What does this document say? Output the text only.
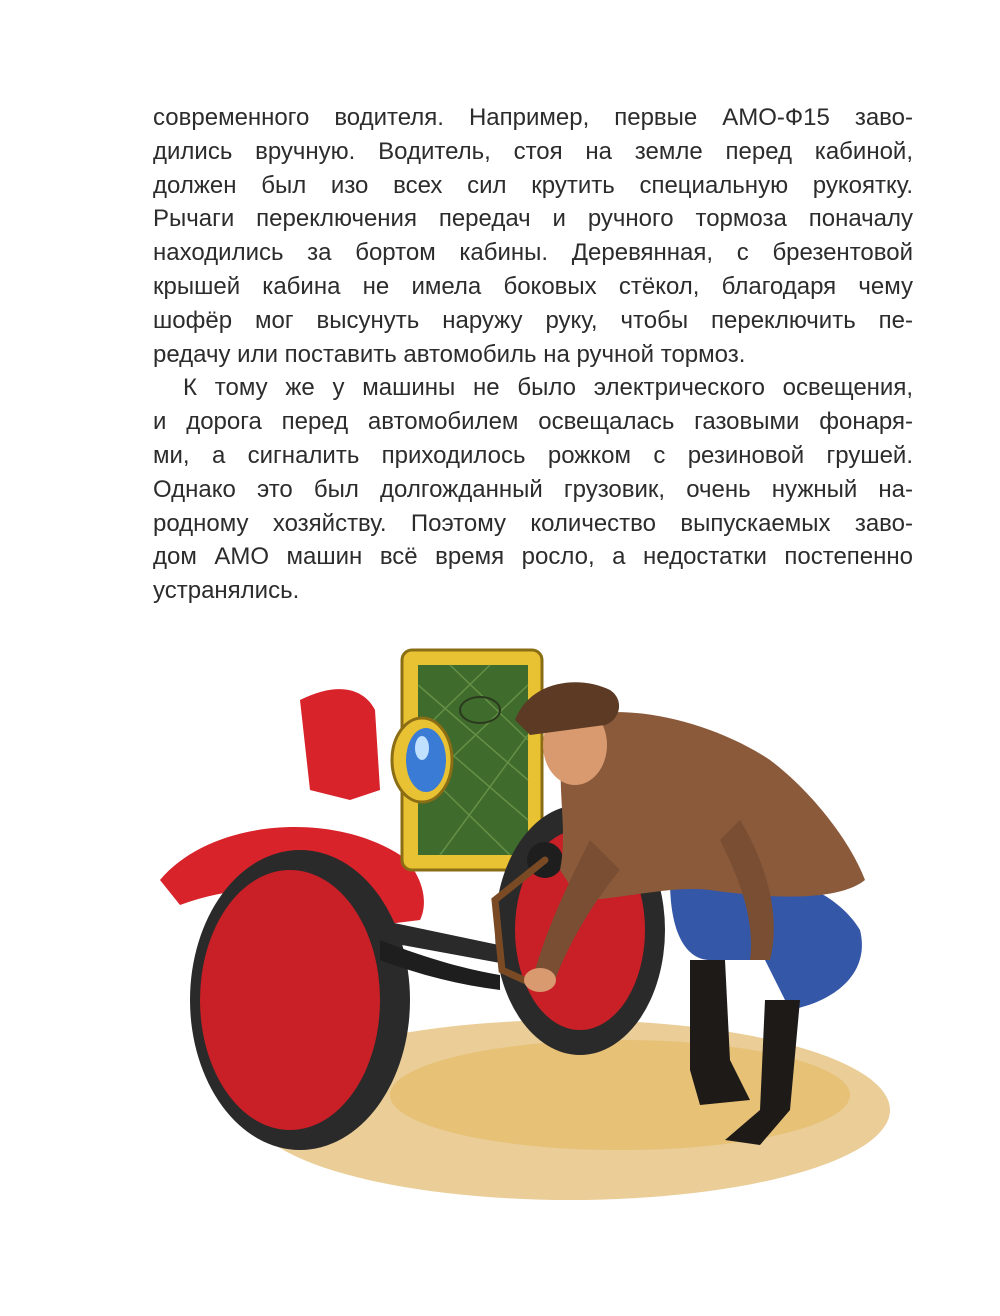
современного водителя. Например, первые АМО-Ф15 заво-
дились вручную. Водитель, стоя на земле перед кабиной,
должен был изо всех сил крутить специальную рукоятку.
Рычаги переключения передач и ручного тормоза поначалу
находились за бортом кабины. Деревянная, с брезентовой
крышей кабина не имела боковых стёкол, благодаря чему
шофёр мог высунуть наружу руку, чтобы переключить пе-
редачу или поставить автомобиль на ручной тормоз.
К тому же у машины не было электрического освещения,
и дорога перед автомобилем освещалась газовыми фонаря-
ми, а сигналить приходилось рожком с резиновой грушей.
Однако это был долгожданный грузовик, очень нужный на-
родному хозяйству. Поэтому количество выпускаемых заво-
дом АМО машин всё время росло, а недостатки постепенно
устранялись.
